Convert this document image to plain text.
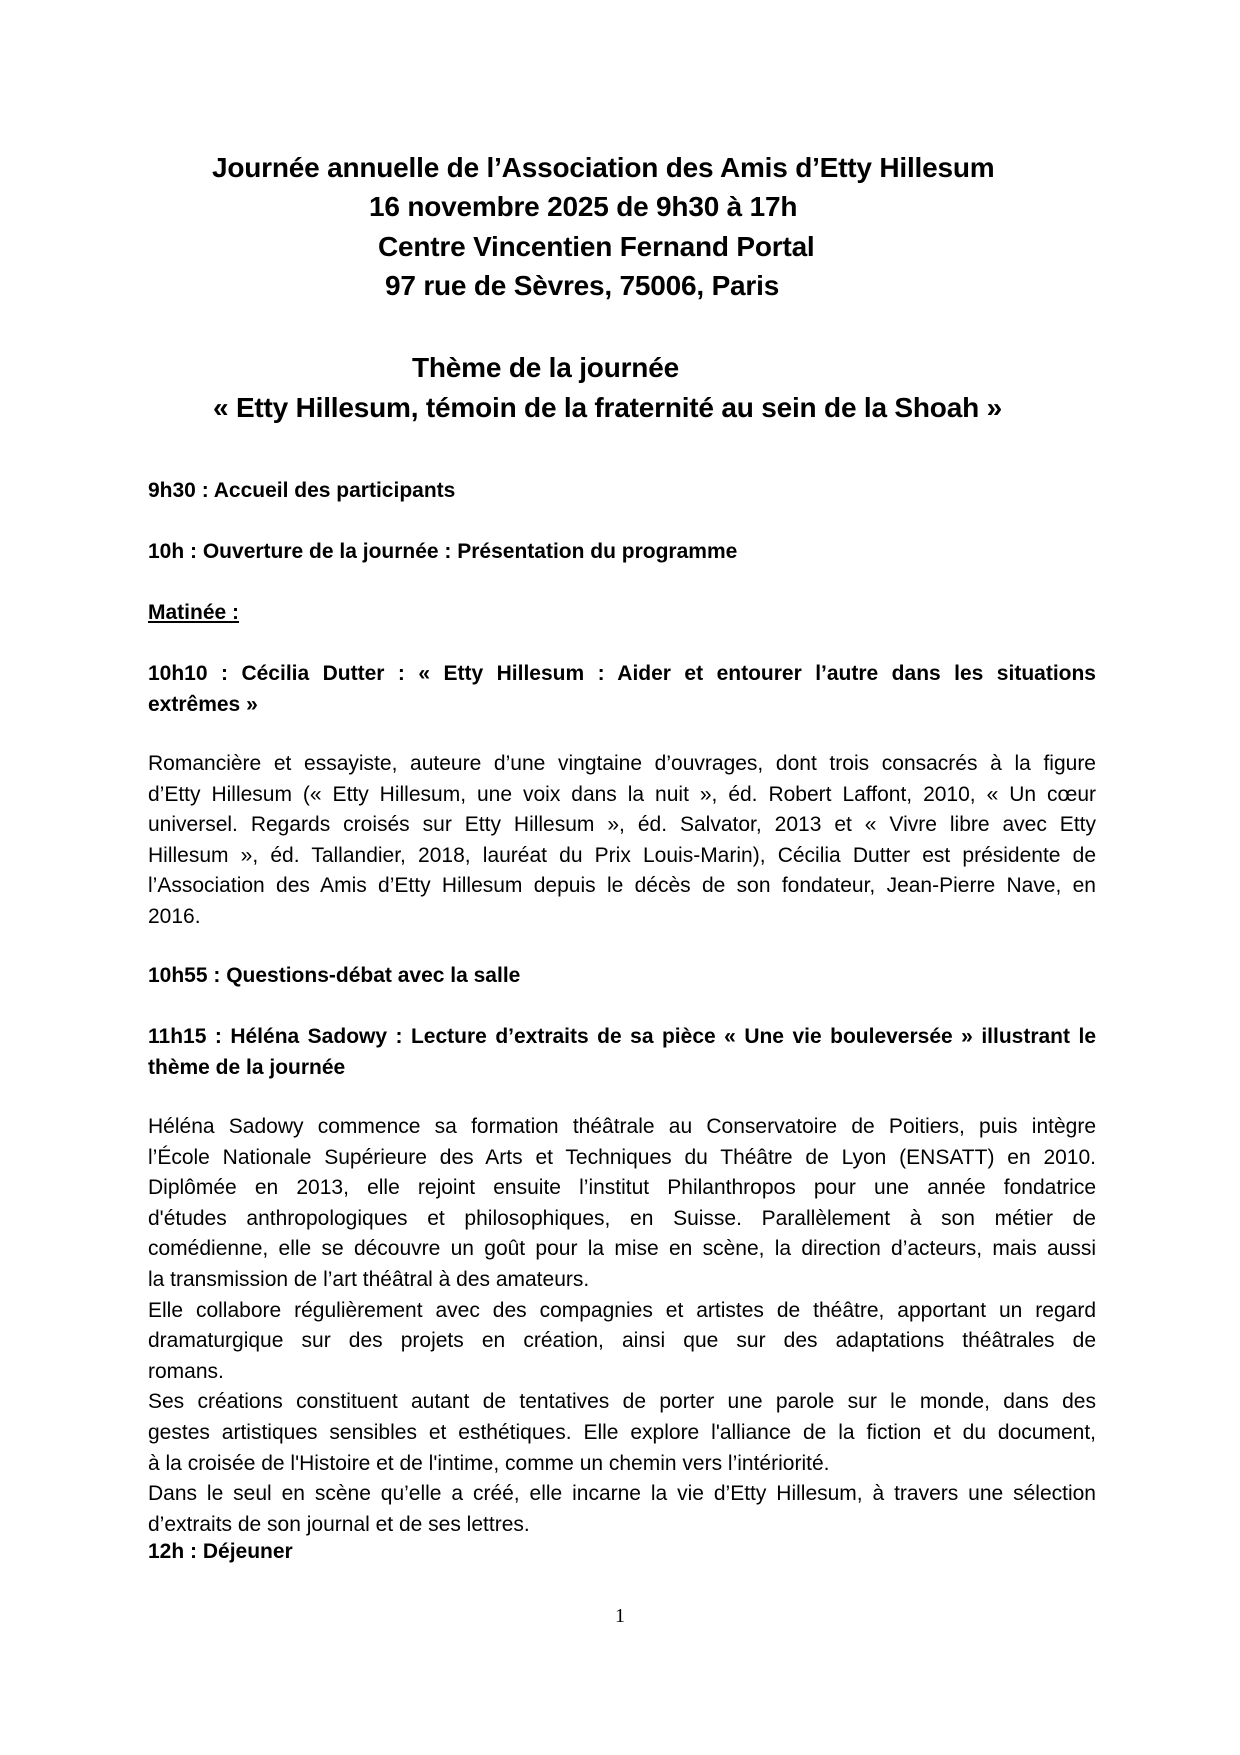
Journée annuelle de l’Association des Amis d’Etty Hillesum
16 novembre 2025 de 9h30 à 17h
Centre Vincentien Fernand Portal
97 rue de Sèvres, 75006, Paris
Thème de la journée
« Etty Hillesum, témoin de la fraternité au sein de la Shoah »
9h30 : Accueil des participants
10h : Ouverture de la journée : Présentation du programme
Matinée :
10h10 : Cécilia Dutter : « Etty Hillesum : Aider et entourer l’autre dans les situations
extrêmes »
Romancière et essayiste, auteure d’une vingtaine d’ouvrages, dont trois consacrés à la figure
d’Etty Hillesum (« Etty Hillesum, une voix dans la nuit », éd. Robert Laffont, 2010, « Un cœur
universel. Regards croisés sur Etty Hillesum », éd. Salvator, 2013 et « Vivre libre avec Etty
Hillesum », éd. Tallandier, 2018, lauréat du Prix Louis-Marin), Cécilia Dutter est présidente de
l’Association des Amis d’Etty Hillesum depuis le décès de son fondateur, Jean-Pierre Nave, en
2016.
10h55 : Questions-débat avec la salle
11h15 : Héléna Sadowy : Lecture d’extraits de sa pièce « Une vie bouleversée » illustrant le
thème de la journée
Héléna Sadowy commence sa formation théâtrale au Conservatoire de Poitiers, puis intègre
l’École Nationale Supérieure des Arts et Techniques du Théâtre de Lyon (ENSATT) en 2010.
Diplômée en 2013, elle rejoint ensuite l’institut Philanthropos pour une année fondatrice
d'études anthropologiques et philosophiques, en Suisse. Parallèlement à son métier de
comédienne, elle se découvre un goût pour la mise en scène, la direction d’acteurs, mais aussi
la transmission de l’art théâtral à des amateurs.
Elle collabore régulièrement avec des compagnies et artistes de théâtre, apportant un regard
dramaturgique sur des projets en création, ainsi que sur des adaptations théâtrales de
romans.
Ses créations constituent autant de tentatives de porter une parole sur le monde, dans des
gestes artistiques sensibles et esthétiques. Elle explore l'alliance de la fiction et du document,
à la croisée de l'Histoire et de l'intime, comme un chemin vers l’intériorité.
Dans le seul en scène qu’elle a créé, elle incarne la vie d’Etty Hillesum, à travers une sélection
d’extraits de son journal et de ses lettres.
12h : Déjeuner
1
